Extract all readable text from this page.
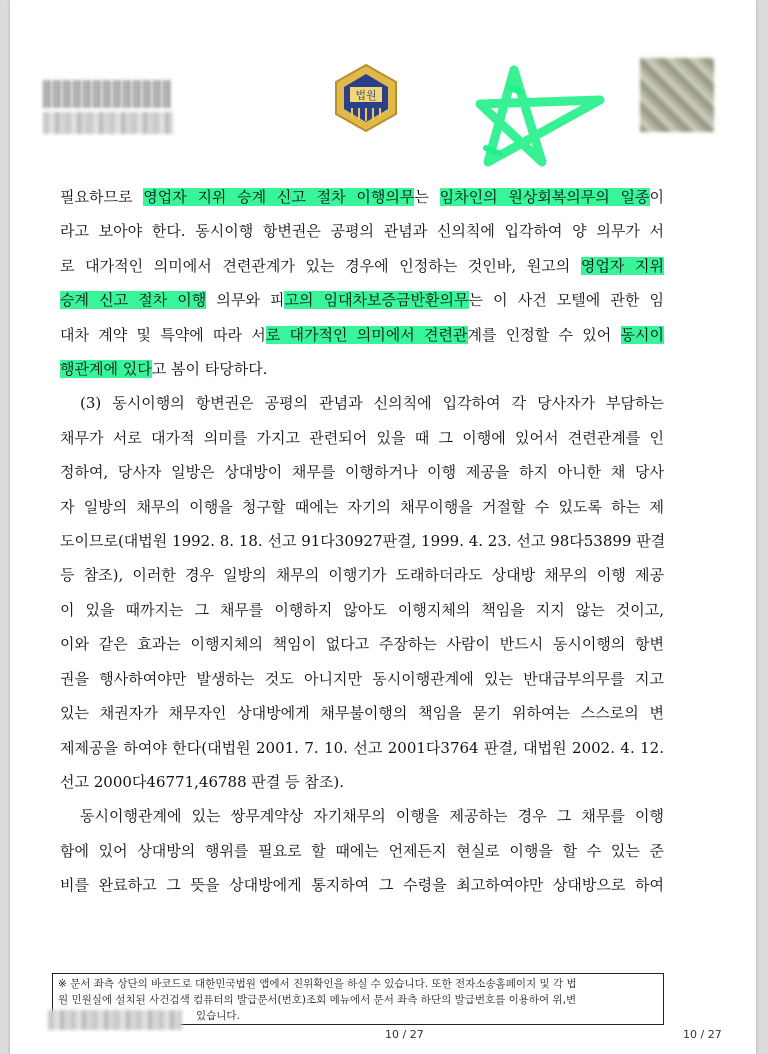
법원

필요하므로 영업자 지위 승계 신고 절차 이행의무는 임차인의 원상회복의무의 일종이
라고 보아야 한다. 동시이행 항변권은 공평의 관념과 신의칙에 입각하여 양 의무가 서
로 대가적인 의미에서 견련관계가 있는 경우에 인정하는 것인바, 원고의 영업자 지위
승계 신고 절차 이행 의무와 피고의 임대차보증금반환의무는 이 사건 모텔에 관한 임
대차 계약 및 특약에 따라 서로 대가적인 의미에서 견련관계를 인정할 수 있어 동시이
행관계에 있다고 봄이 타당하다.

(3) 동시이행의 항변권은 공평의 관념과 신의칙에 입각하여 각 당사자가 부담하는
채무가 서로 대가적 의미를 가지고 관련되어 있을 때 그 이행에 있어서 견련관계를 인
정하여, 당사자 일방은 상대방이 채무를 이행하거나 이행 제공을 하지 아니한 채 당사
자 일방의 채무의 이행을 청구할 때에는 자기의 채무이행을 거절할 수 있도록 하는 제
도이므로(대법원 1992. 8. 18. 선고 91다30927판결, 1999. 4. 23. 선고 98다53899 판결
등 참조), 이러한 경우 일방의 채무의 이행기가 도래하더라도 상대방 채무의 이행 제공
이 있을 때까지는 그 채무를 이행하지 않아도 이행지체의 책임을 지지 않는 것이고,
이와 같은 효과는 이행지체의 책임이 없다고 주장하는 사람이 반드시 동시이행의 항변
권을 행사하여야만 발생하는 것도 아니지만 동시이행관계에 있는 반대급부의무를 지고
있는 채권자가 채무자인 상대방에게 채무불이행의 책임을 묻기 위하여는 스스로의 변
제제공을 하여야 한다(대법원 2001. 7. 10. 선고 2001다3764 판결, 대법원 2002. 4. 12.
선고 2000다46771,46788 판결 등 참조).

동시이행관계에 있는 쌍무계약상 자기채무의 이행을 제공하는 경우 그 채무를 이행
함에 있어 상대방의 행위를 필요로 할 때에는 언제든지 현실로 이행을 할 수 있는 준
비를 완료하고 그 뜻을 상대방에게 통지하여 그 수령을 최고하여야만 상대방으로 하여

※ 문서 좌측 상단의 바코드로 대한민국법원 앱에서 진위확인을 하실 수 있습니다. 또한 전자소송홈페이지 및 각 법
원 민원실에 설치된 사건검색 컴퓨터의 발급문서(번호)조회 메뉴에서 문서 좌측 하단의 발급번호를 이용하여 위,변
있습니다.
10 / 27	10 / 27
